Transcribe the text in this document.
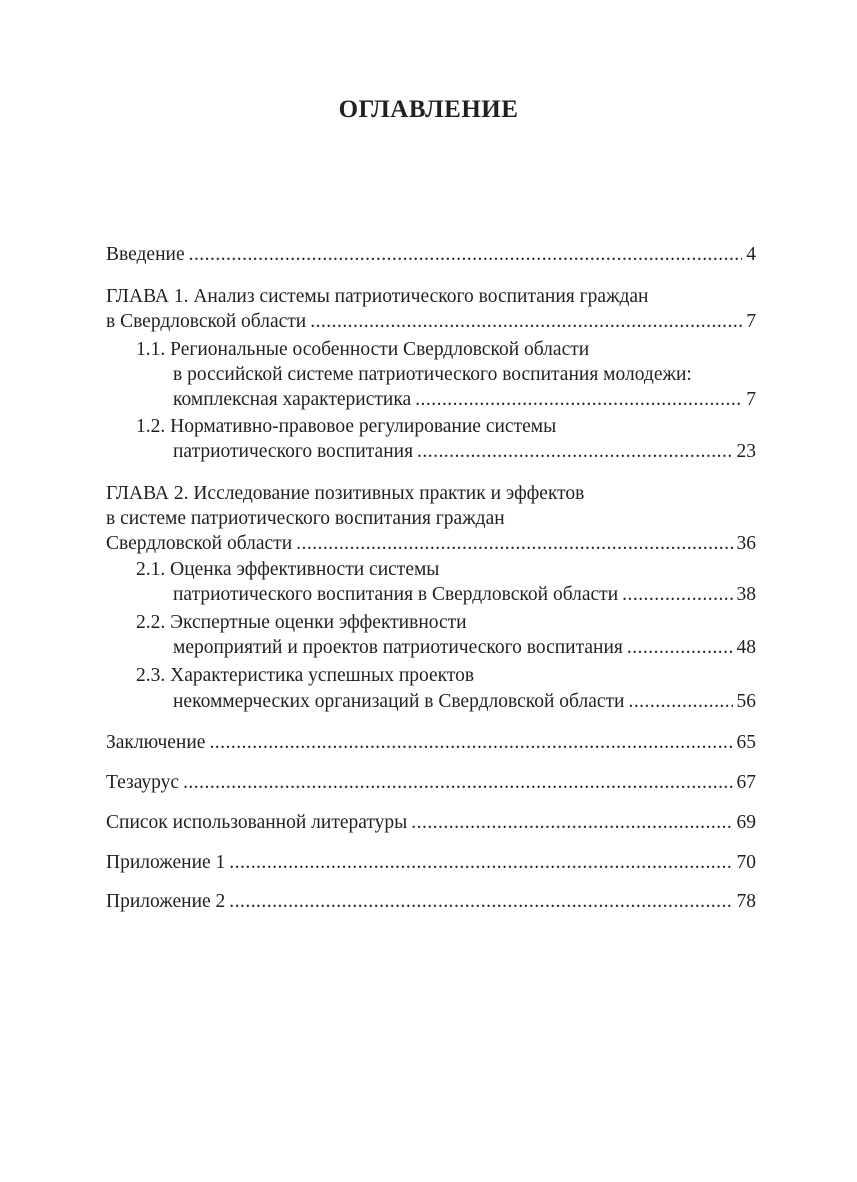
ОГЛАВЛЕНИЕ
Введение . . .	4
ГЛАВА 1. Анализ системы патриотического воспитания граждан
в Свердловской области . . .	7
1.1. Региональные особенности Свердловской области
в российской системе патриотического воспитания молодежи:
комплексная характеристика . . .	7
1.2. Нормативно-правовое регулирование системы
патриотического воспитания . . .	23
ГЛАВА 2. Исследование позитивных практик и эффектов
в системе патриотического воспитания граждан
Свердловской области . . .	36
2.1. Оценка эффективности системы
патриотического воспитания в Свердловской области . . .	38
2.2. Экспертные оценки эффективности
мероприятий и проектов патриотического воспитания . . .	48
2.3. Характеристика успешных проектов
некоммерческих организаций в Свердловской области . . .	56
Заключение . . .	65
Тезаурус . . .	67
Список использованной литературы . . .	69
Приложение 1 . . .	70
Приложение 2 . . .	78
